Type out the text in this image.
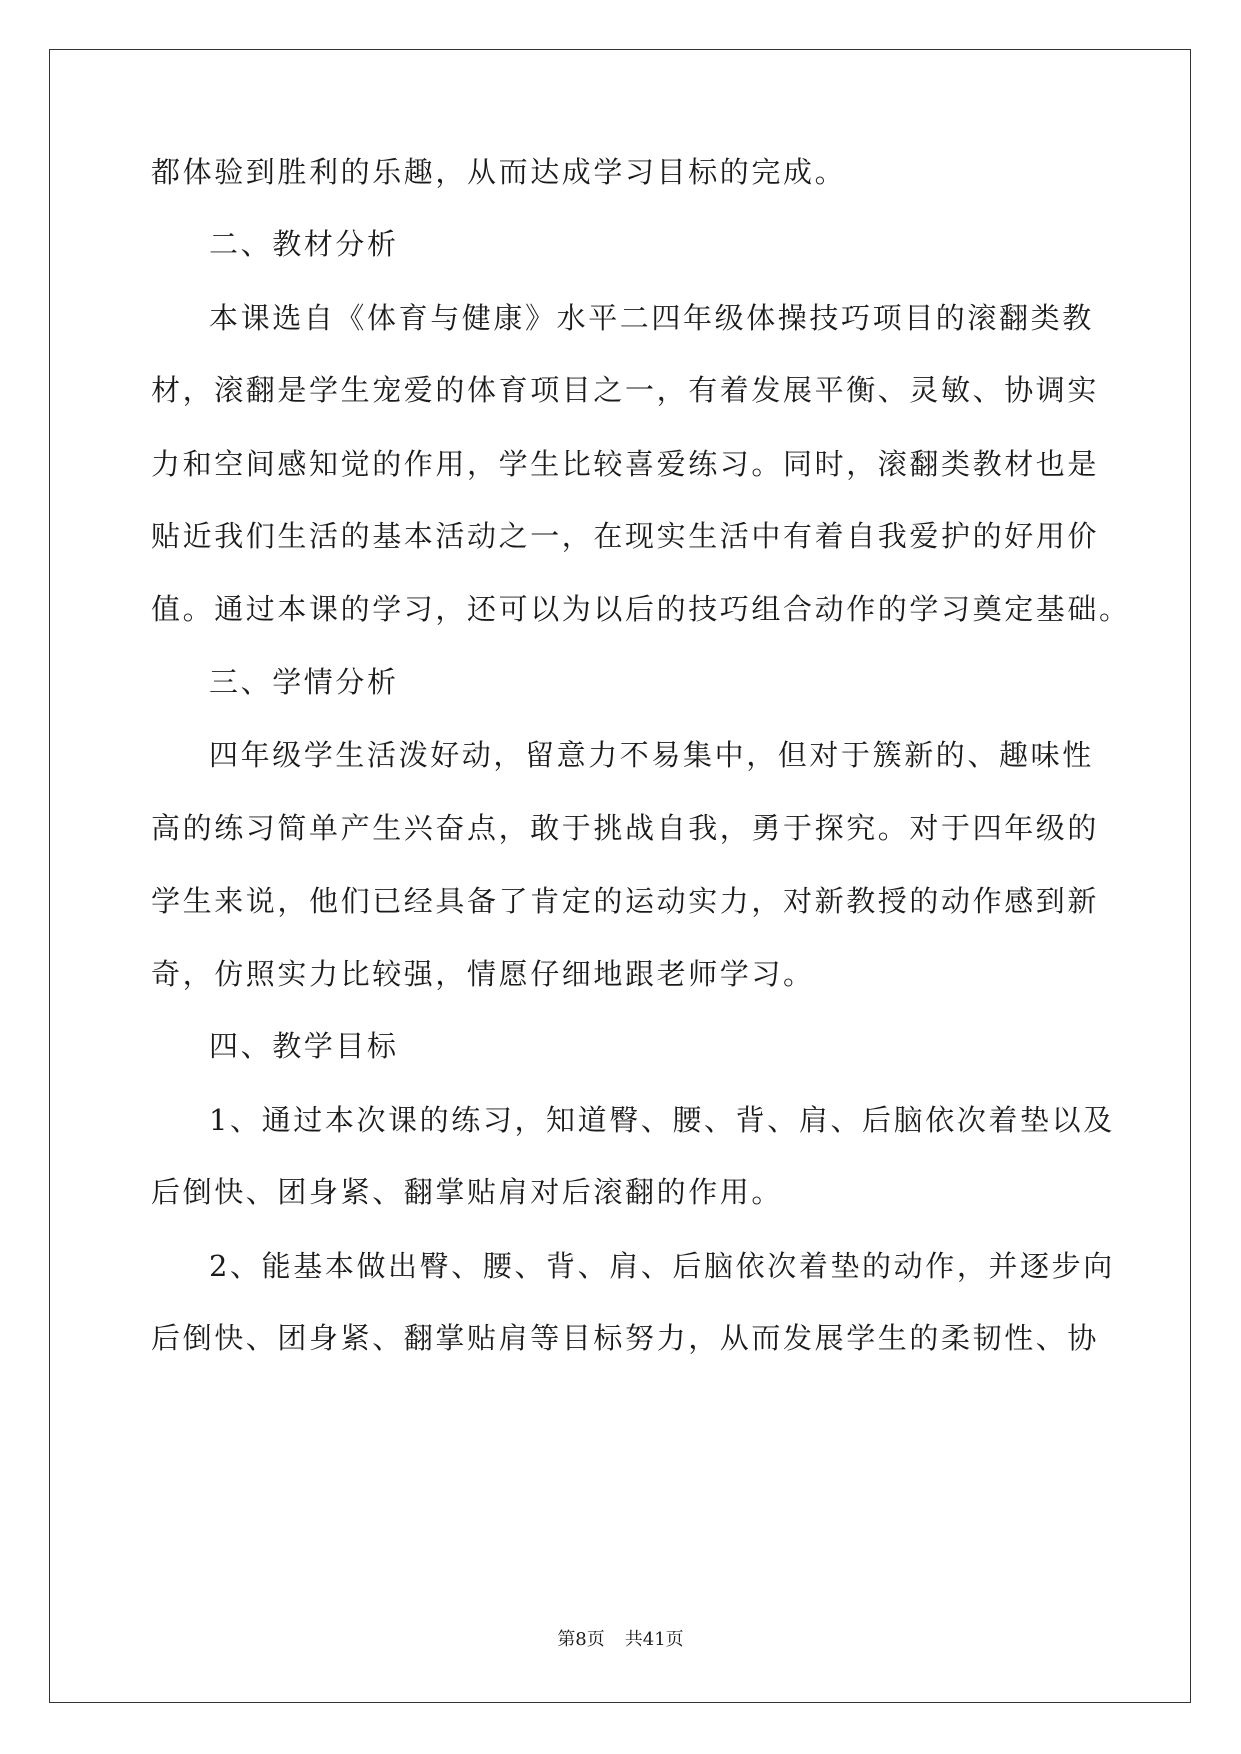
都体验到胜利的乐趣，从而达成学习目标的完成。
二、教材分析
本课选自《体育与健康》水平二四年级体操技巧项目的滚翻类教
材，滚翻是学生宠爱的体育项目之一，有着发展平衡、灵敏、协调实
力和空间感知觉的作用，学生比较喜爱练习。同时，滚翻类教材也是
贴近我们生活的基本活动之一，在现实生活中有着自我爱护的好用价
值。通过本课的学习，还可以为以后的技巧组合动作的学习奠定基础。
三、学情分析
四年级学生活泼好动，留意力不易集中，但对于簇新的、趣味性
高的练习简单产生兴奋点，敢于挑战自我，勇于探究。对于四年级的
学生来说，他们已经具备了肯定的运动实力，对新教授的动作感到新
奇，仿照实力比较强，情愿仔细地跟老师学习。
四、教学目标
1、通过本次课的练习，知道臀、腰、背、肩、后脑依次着垫以及
后倒快、团身紧、翻掌贴肩对后滚翻的作用。
2、能基本做出臀、腰、背、肩、后脑依次着垫的动作，并逐步向
后倒快、团身紧、翻掌贴肩等目标努力，从而发展学生的柔韧性、协
第8页 共41页
